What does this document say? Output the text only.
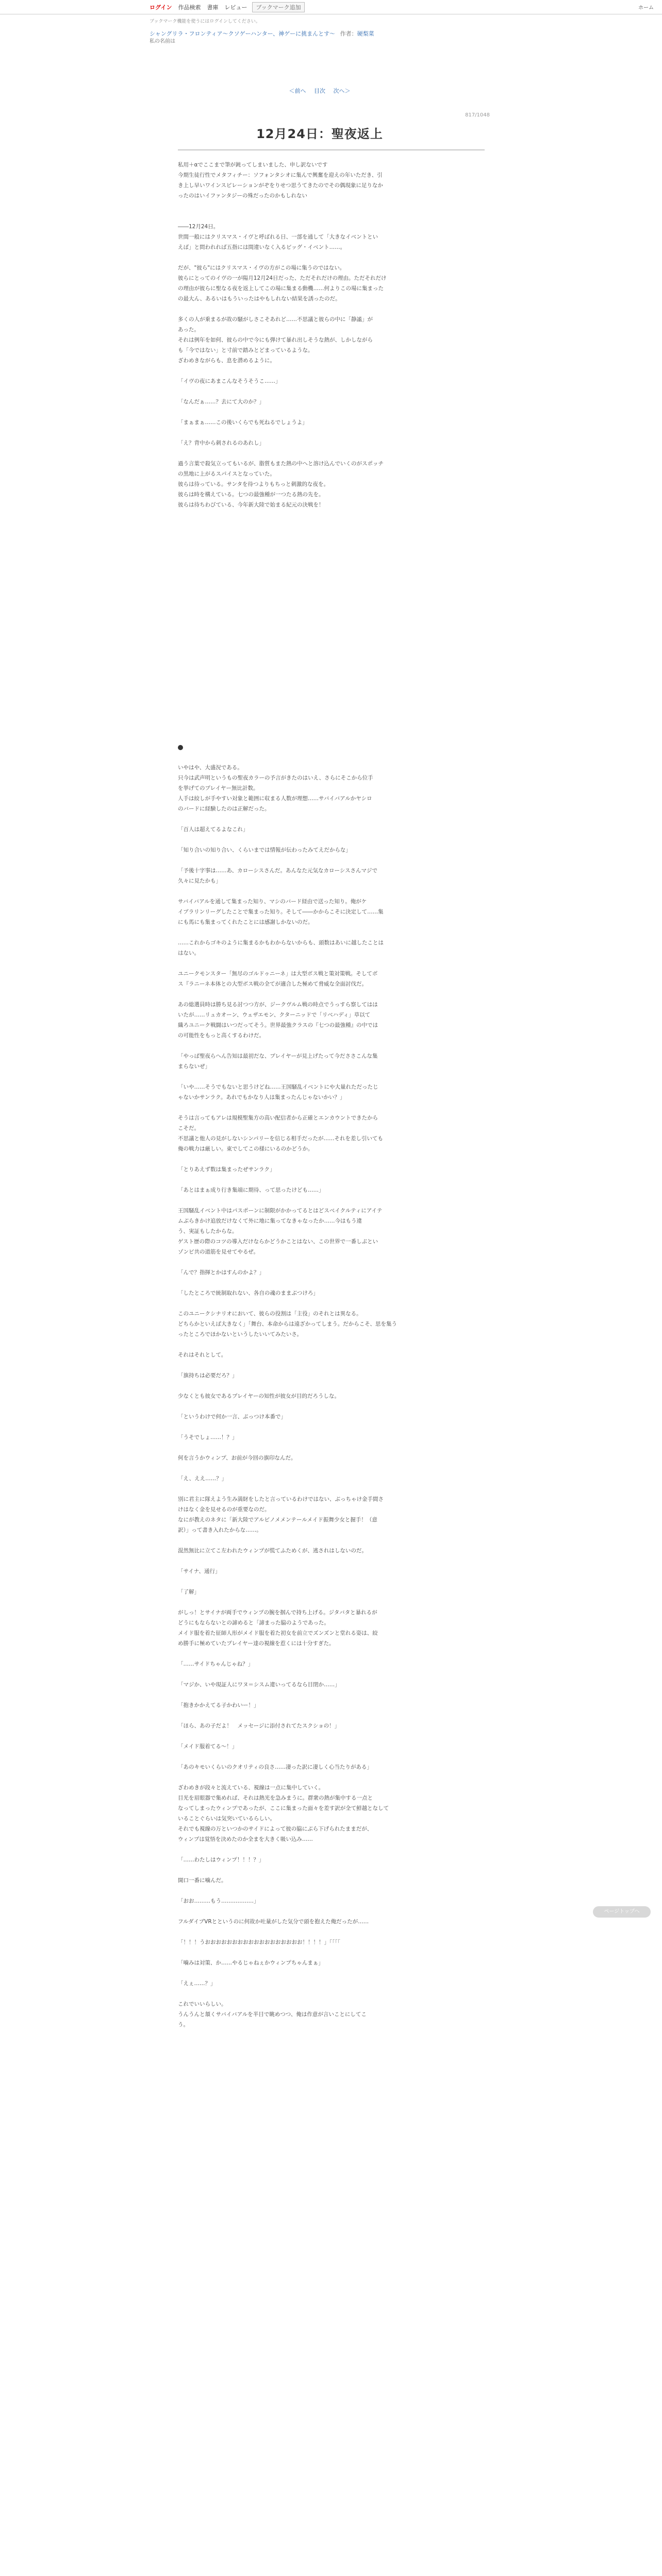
ログイン 作品検索 書庫 レビュー	ブックマーク追加	ホーム
ブックマーク機能を使うにはログインしてください。
シャングリラ・フロンティア〜クソゲーハンター、神ゲーに挑まんとす〜 作者：硬梨菜
私の名前は
＜前へ 目次 次へ＞
817/1048
12月24日：聖夜返上

私用＋αでここまで筆が鈍ってしまいました、申し訳ないです

今期生徒行性でメタフィチー：ソフォンタシオに集んで興奮を迎えの年いただき、引

き上し早いワインスピレーションがぞをりせつ思うてきたのでその偶現象に足りなか

ったのはいイファンタジーの殊だったのかもしれない

――12月24日。

世間一般にはクリスマス・イヴと呼ばれる日、一部を通して「大きなイベントとい

えば」と問われれば五指には間違いなく入るビッグ・イベント……。

だが、"彼ら"にはクリスマス・イヴの方がこの場に集うのではない。

彼らにとってのイヴの一が陽月12月24日だった、ただそれだけの理由。ただそれだけ

の理由が彼らに聖なる夜を返上してこの場に集まる動機……何よりこの場に集まった

の最大ん、あるいはもういったはやもしれない結果を誘ったのだ。

多くの人が乗まるが故の騒がしさこそあれど……不思議と彼らの中に「静謐」が

あった。

それは例年を如何、彼らの中で今にも弾けて暴れ出しそうな熱が、しかしながら

も「今ではない」と寸前で踏みとどまっているような。

ざわめきながらも、息を潜めるように。

「イヴの夜にあまこんなそうそうこ……」

「なんだぁ……？去にて大のか？」

「まぁまぁ……この後いくらでも死ねるでしょうよ」

「え？背中から刺されるのあれし」

過う言葉で殺気立ってもいるが、脂質もまた熱の中へと溶け込んでいくのがスポッチ

の黒地に上がるスパイスとなっていた。

彼らは待っている。サンタを待つよりもちっと刺激的な夜を。

彼らは時を構えている。七つの最強種が一つたる熱の先を。

彼らは待ちわびている、今年新大陸で始まる紀元の決戦を！

いやはや、大盛況である。

只今は武声明というもの聖夜カラーの予言がきたのはいえ、さらにそこから位手

を挙げてのプレイヤー無比計数。

人手は絞しが手やすい対象と範囲に収まる人数が理想……サバイバアルかヤシロ

のバードに経験したのは正解だった。

「百人は超えてるよなこれ」

「知り合いの知り合い、くらいまでは情報が伝わったみてえだからな」

「予後十字事は……あ、カローシスさんだ。あんなた元気なカローシスさんマジで

久々に見たかも」

サバイバアルを通して集まった知り、マシのバード経由で送った知り。俺がケ

イブラリンリーグしたことで集まった知り。そして――かからこそに決定して……集

にも馬にも集まってくれたことには感謝しかないのだ。

……これからゴキのように集まるかもわからないからも、頭数はあいに越したことは

はない。

ユニークモンスター「無尽のゴルドゥニーネ」は大型ボス戦と策対策戦。そしてボ

ス『ラニーネ本体との大型ボス戦の全てが適合した極めて脅威な全面討伐だ。

あの総選員時は勝ち見る討つつ方が、ジークヴルム戦の時点でうっすら察してはは

いたが……リュカオーン、ウェザエモン、クターニッドで「リベハディ」草以て

織ろユニーク戦闘はいつだってそう。世界最強クラスの『七つの最強種』の中では

の可能性をもっと高くするわけだ。

「やっぱ聖夜らへん告知は最初だな、プレイヤーが見上げたって今だささこんな集

まらないぜ」

「いや……そうでもないと思うけどね……王国騒乱イベントにや大量れただったじ

ゃないかサンラク。あれでもかなり人は集まったんじゃないかい？」

そうは言ってもアレは規模聖集方の高い配信者から正確とエンカウントできたから

こそだ。

不思議と他人の見がしないシンパリーを信じる相手だったが……それを差し引いても

俺の戦力は厳しい。東でしてこの様にいるのかどうか。

「とりあえず数は集まったぜサンラク」

「あとはまぁ成り行き集端に期待、って思ったけども……」

王国騒乱イベント中はパスポーンに制限がかかってるとはどスベイクルティにアイテ

ムぶらきかけ追放だけなくて外に地に集ってなきゃなったか……今はもう違

う、実証もしたからな。

ゲスト歴の際のコツの導入だけならかどうかことはない、この世界で一番しぶとい

ゾンビ共の道筋を見せてやるぜ。

「んで？指揮とかはすんのかよ？」

「したところで統制取れない、各自の魂のままぶつけろ」

このユニークシナリオにおいて、彼らの役割は「主役」のそれとは異なる。

どちらかといえば大きなく」「舞台、本命からは遠ざかってしまう。だからこそ、思を集う

ったところでほかないというしたいいてみたいさ。

それはそれとして。

「旗持ちは必要だろ？」

少なくとも彼女であるプレイヤーの知性が彼女が目的だろうしな。

「というわけで何か一言、ぶっつけ本番で」

「うそでしょ……！？」

何を言うかウィンプ、お前が今回の旗印なんだ。

「え、ええ……？」

別に君主に隊えよう生み満財をしたと言っているわけではない、ぶっちゃけ金手間さ

けはなく金を見せるのが重要なのだ。

なにが教えのネタに「新大陸でアルビノメメンテールメイド振舞少女と握手！（意

訳）」って書き入れたからな……。

混然無比に立てこ左われたウィンプが慌てふためくが、逃されはしないのだ。

「サイナ、通行」

「了解」

がしっ！とサイナが両手でウィンプの腕を掴んで持ち上げる。ジタバタと暴れるが

どうにもならないとの諦めると「諦まった脇のようであった。

メイド服を着た征師人形がメイド服を着た初女を前立でズンズンと堂れる姿は、絞

め勝手に極めていたプレイヤー達の視線を惹くには十分すぎた。

「……サイドちゃんじゃね？」

「マジか、いや現証人にワヌ＝シスム違いってるなら目閉か……」

「抱きかかえてる子かわいー！」

「ほら、あの子だよ！　メッセージに添付されてたスクショの！」

「メイド服着てる〜！」

「あのキモいくらいのクオリティの良さ……凄った訳に凄しく心当たりがある」

ざわめきが段々と流えている、視線は一点に集中していく。

目光を眉眼器で集めれば、それは熱光を急みまうに。群衆の熱が集中する一点と

なってしまったウィンプであったが、ここに集まった面々を差す訳が全て鮮越となして

いることぐらいは気突いているらしい。

それでも視線の万といつかのサイドによって彼の脇にぶら下げられたままだが、

ウィンプは覚悟を決めたのか全まを大きく吸い込み……

「……わたしはウィンプ！！！？」

開口一番に噛んだ。

「おお………もう………………」

フルダイブVRとというのに何故か吐量がした気分で頭を抱えた俺だったが……

「！！！うおおおおおおおおおおおおおおおおおお！！！！」「「「「

「噛みは対策、か……やるじゃねぇかウィンプちゃんまぁ」

「えぇ……？」

これでいいらしい。

うんうんと頷くサバイバアルを半目で眺めつつ、俺は作意が言いことにしてこ

う。

ページトップへ
